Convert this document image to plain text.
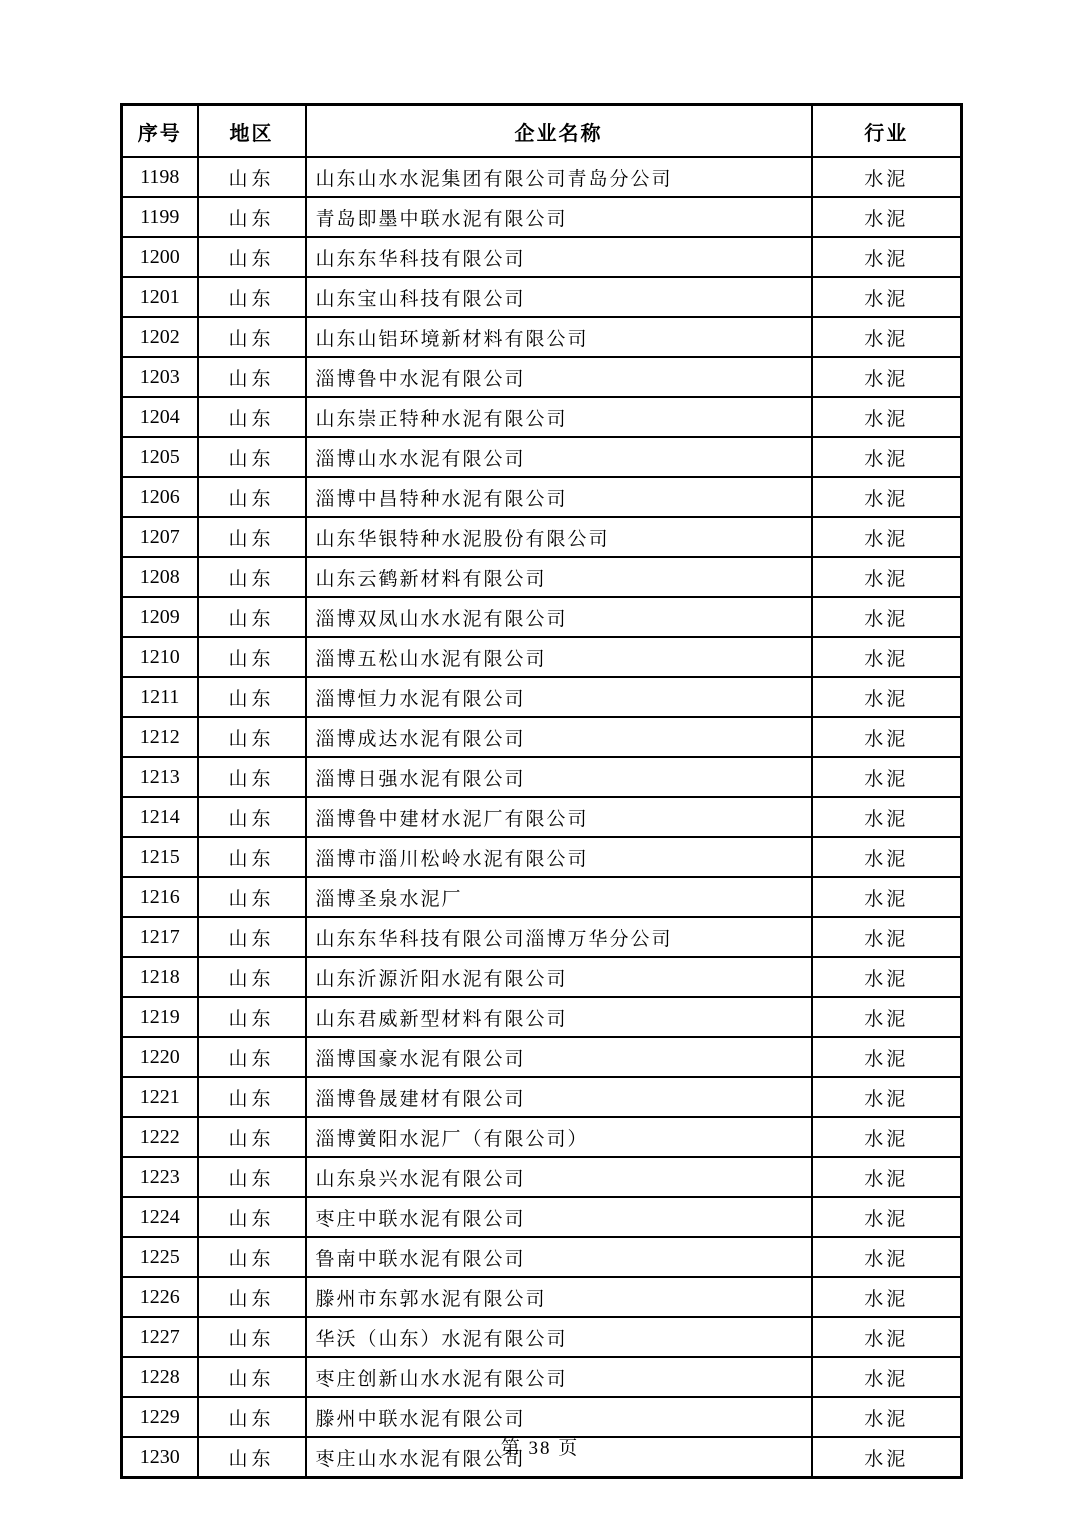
序号	地区	企业名称	行业
1198	山东	山东山水水泥集团有限公司青岛分公司	水泥
1199	山东	青岛即墨中联水泥有限公司	水泥
1200	山东	山东东华科技有限公司	水泥
1201	山东	山东宝山科技有限公司	水泥
1202	山东	山东山铝环境新材料有限公司	水泥
1203	山东	淄博鲁中水泥有限公司	水泥
1204	山东	山东崇正特种水泥有限公司	水泥
1205	山东	淄博山水水泥有限公司	水泥
1206	山东	淄博中昌特种水泥有限公司	水泥
1207	山东	山东华银特种水泥股份有限公司	水泥
1208	山东	山东云鹤新材料有限公司	水泥
1209	山东	淄博双凤山水水泥有限公司	水泥
1210	山东	淄博五松山水泥有限公司	水泥
1211	山东	淄博恒力水泥有限公司	水泥
1212	山东	淄博成达水泥有限公司	水泥
1213	山东	淄博日强水泥有限公司	水泥
1214	山东	淄博鲁中建材水泥厂有限公司	水泥
1215	山东	淄博市淄川松岭水泥有限公司	水泥
1216	山东	淄博圣泉水泥厂	水泥
1217	山东	山东东华科技有限公司淄博万华分公司	水泥
1218	山东	山东沂源沂阳水泥有限公司	水泥
1219	山东	山东君威新型材料有限公司	水泥
1220	山东	淄博国豪水泥有限公司	水泥
1221	山东	淄博鲁晟建材有限公司	水泥
1222	山东	淄博黉阳水泥厂（有限公司）	水泥
1223	山东	山东泉兴水泥有限公司	水泥
1224	山东	枣庄中联水泥有限公司	水泥
1225	山东	鲁南中联水泥有限公司	水泥
1226	山东	滕州市东郭水泥有限公司	水泥
1227	山东	华沃（山东）水泥有限公司	水泥
1228	山东	枣庄创新山水水泥有限公司	水泥
1229	山东	滕州中联水泥有限公司	水泥
1230	山东	枣庄山水水泥有限公司	水泥
第 38 页
